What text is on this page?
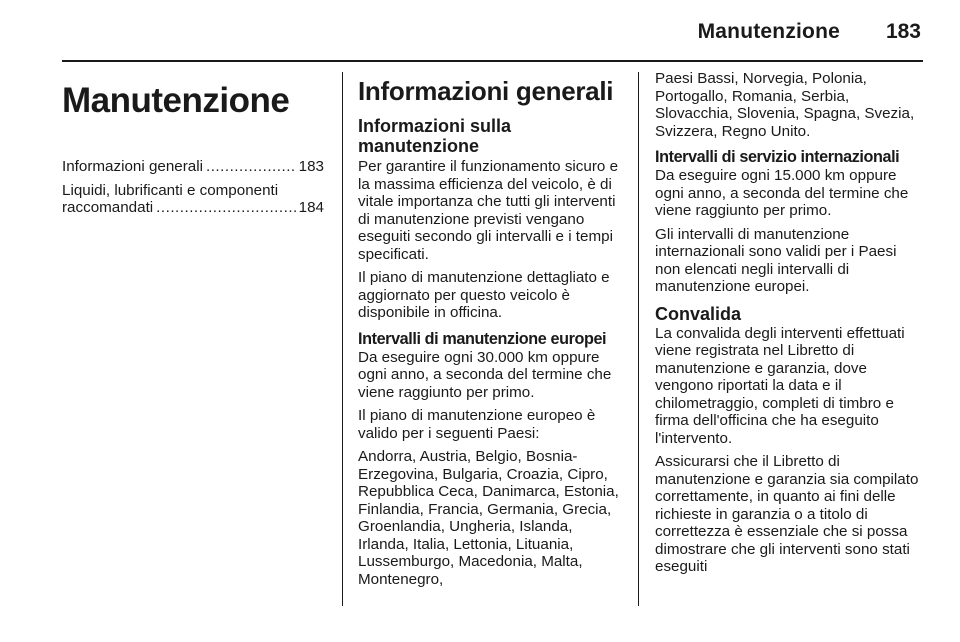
Manutenzione 183
Manutenzione
Informazioni generali .....	183
Liquidi, lubrificanti e componenti
raccomandati .....	184
Informazioni generali
Informazioni sulla manutenzione

Per garantire il funzionamento sicuro e la massima efficienza del veicolo, è di vitale importanza che tutti gli interventi di manutenzione previsti vengano eseguiti secondo gli intervalli e i tempi specificati.

Il piano di manutenzione dettagliato e aggiornato per questo veicolo è disponibile in officina.

Intervalli di manutenzione europei

Da eseguire ogni 30.000 km oppure ogni anno, a seconda del termine che viene raggiunto per primo.

Il piano di manutenzione europeo è valido per i seguenti Paesi:

Andorra, Austria, Belgio, Bosnia-Erzegovina, Bulgaria, Croazia, Cipro, Repubblica Ceca, Danimarca, Estonia, Finlandia, Francia, Germania, Grecia, Groenlandia, Ungheria, Islanda, Irlanda, Italia, Lettonia, Lituania, Lussemburgo, Macedonia, Malta, Montenegro,

Paesi Bassi, Norvegia, Polonia, Portogallo, Romania, Serbia, Slovacchia, Slovenia, Spagna, Svezia, Svizzera, Regno Unito.

Intervalli di servizio internazionali

Da eseguire ogni 15.000 km oppure ogni anno, a seconda del termine che viene raggiunto per primo.

Gli intervalli di manutenzione internazionali sono validi per i Paesi non elencati negli intervalli di manutenzione europei.

Convalida

La convalida degli interventi effettuati viene registrata nel Libretto di manutenzione e garanzia, dove vengono riportati la data e il chilometraggio, completi di timbro e firma dell'officina che ha eseguito l'intervento.

Assicurarsi che il Libretto di manutenzione e garanzia sia compilato correttamente, in quanto ai fini delle richieste in garanzia o a titolo di correttezza è essenziale che si possa dimostrare che gli interventi sono stati eseguiti
